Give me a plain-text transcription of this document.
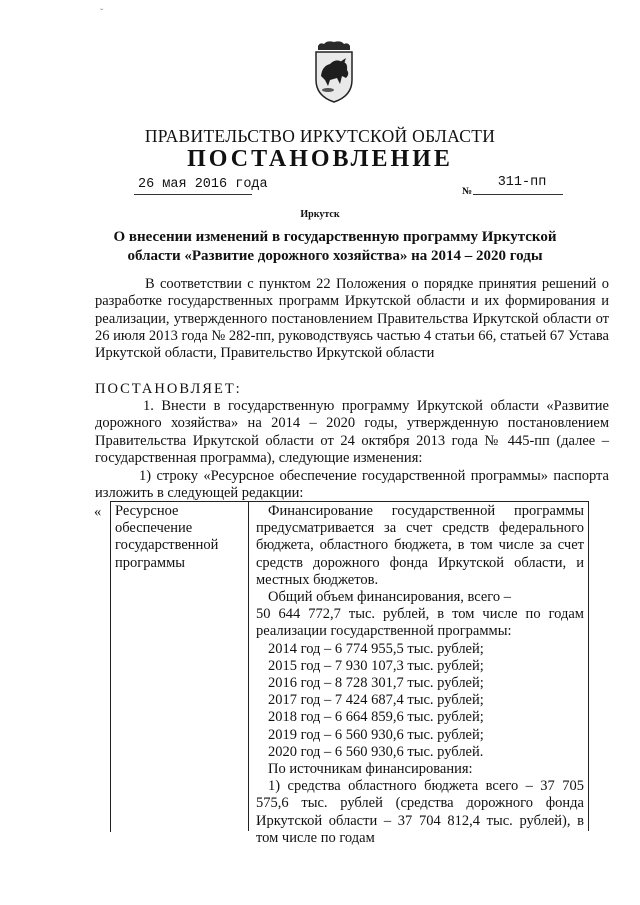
ˇ
ПРАВИТЕЛЬСТВО ИРКУТСКОЙ ОБЛАСТИ
ПОСТАНОВЛЕНИЕ
26 мая 2016 года	№
311-пп
Иркутск
О внесении изменений в государственную программу Иркутской области «Развитие дорожного хозяйства» на 2014 – 2020 годы
В соответствии с пунктом 22 Положения о порядке принятия решений о разработке государственных программ Иркутской области и их формирования и реализации, утвержденного постановлением Правительства Иркутской области от 26 июля 2013 года № 282-пп, руководствуясь частью 4 статьи 66, статьей 67 Устава Иркутской области, Правительство Иркутской области
ПОСТАНОВЛЯЕТ:
1. Внести в государственную программу Иркутской области «Развитие дорожного хозяйства» на 2014 – 2020 годы, утвержденную постановлением Правительства Иркутской области от 24 октября 2013 года № 445-пп (далее – государственная программа), следующие изменения:
1) строку «Ресурсное обеспечение государственной программы» паспорта изложить в следующей редакции:
« Ресурсное обеспечение государственной программы
Финансирование государственной программы предусматривается за счет средств федерального бюджета, областного бюджета, в том числе за счет средств дорожного фонда Иркутской области, и местных бюджетов.
Общий объем финансирования, всего –
50 644 772,7 тыс. рублей, в том числе по годам реализации государственной программы:
2014 год – 6 774 955,5 тыс. рублей;
2015 год – 7 930 107,3 тыс. рублей;
2016 год – 8 728 301,7 тыс. рублей;
2017 год – 7 424 687,4 тыс. рублей;
2018 год – 6 664 859,6 тыс. рублей;
2019 год – 6 560 930,6 тыс. рублей;
2020 год – 6 560 930,6 тыс. рублей.
По источникам финансирования:
1) средства областного бюджета всего – 37 705 575,6 тыс. рублей (средства дорожного фонда Иркутской области – 37 704 812,4 тыс. рублей), в том числе по годам
